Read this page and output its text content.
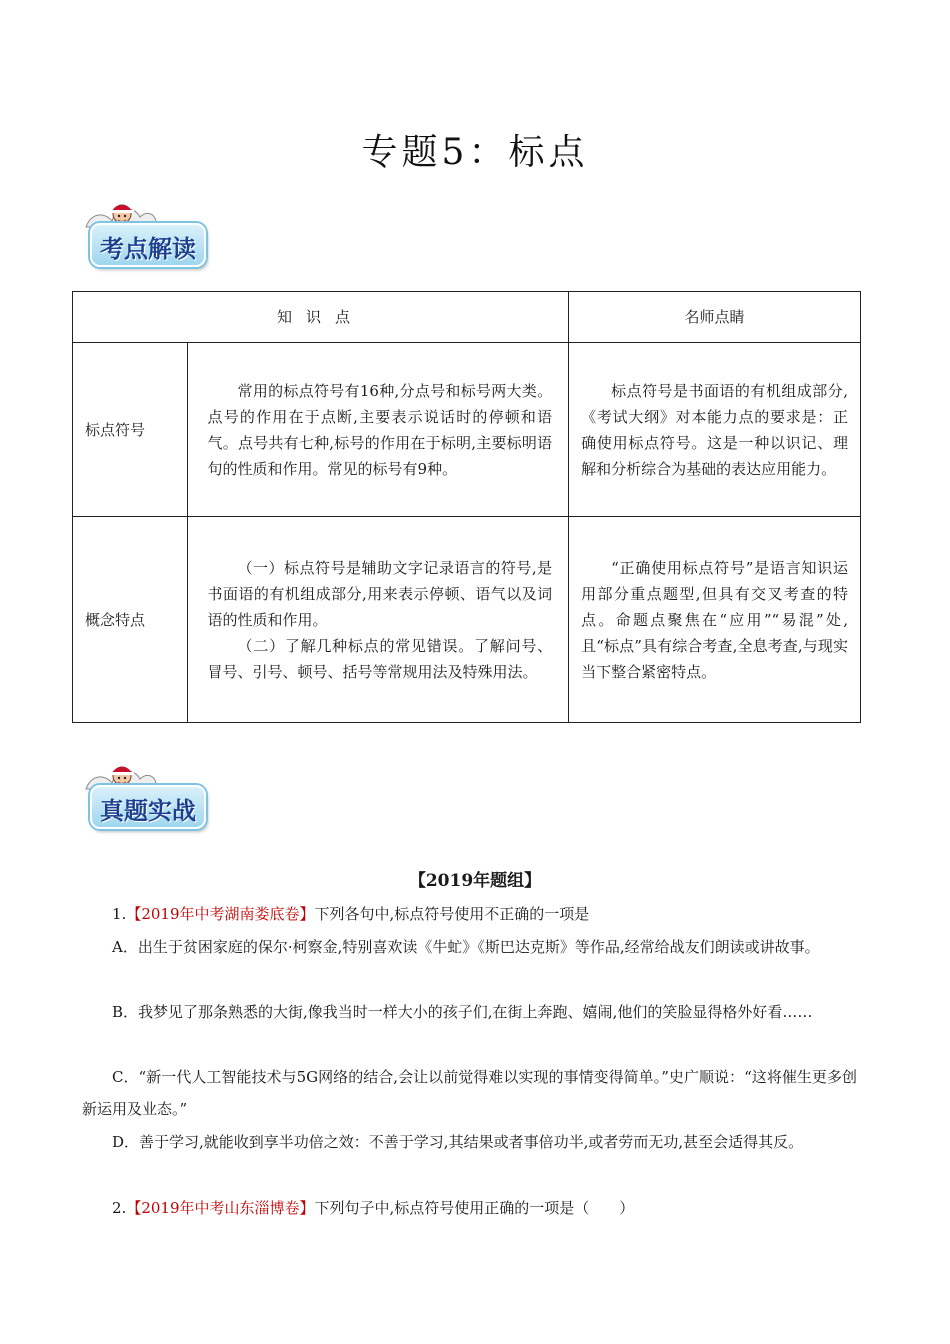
专题5：标点
考点解读
知识点		名师点睛
标点符号	常用的标点符号有16种,分点号和标号两大类。点号的作用在于点断,主要表示说话时的停顿和语气。点号共有七种,标号的作用在于标明,主要标明语句的性质和作用。常见的标号有9种。	标点符号是书面语的有机组成部分,《考试大纲》对本能力点的要求是：正确使用标点符号。这是一种以识记、理解和分析综合为基础的表达应用能力。

概念特点	（一）标点符号是辅助文字记录语言的符号,是书面语的有机组成部分,用来表示停顿、语气以及词语的性质和作用。

（二）了解几种标点的常见错误。了解问号、冒号、引号、顿号、括号等常规用法及特殊用法。	“正确使用标点符号”是语言知识运用部分重点题型,但具有交叉考查的特点。命题点聚焦在“应用”“易混”处,且“标点”具有综合考查,全息考查,与现实当下整合紧密特点。

真题实战
【2019年题组】
1.【2019年中考湖南娄底卷】下列各句中,标点符号使用不正确的一项是
A．出生于贫困家庭的保尔·柯察金,特别喜欢读《牛虻》《斯巴达克斯》等作品,经常给战友们朗读或讲故事。
B．我梦见了那条熟悉的大街,像我当时一样大小的孩子们,在街上奔跑、嬉闹,他们的笑脸显得格外好看……
C．“新一代人工智能技术与5G网络的结合,会让以前觉得难以实现的事情变得简单。”史广顺说：“这将催生更多创新运用及业态。”
D．善于学习,就能收到享半功倍之效：不善于学习,其结果或者事倍功半,或者劳而无功,甚至会适得其反。
2.【2019年中考山东淄博卷】下列句子中,标点符号使用正确的一项是（　　）
